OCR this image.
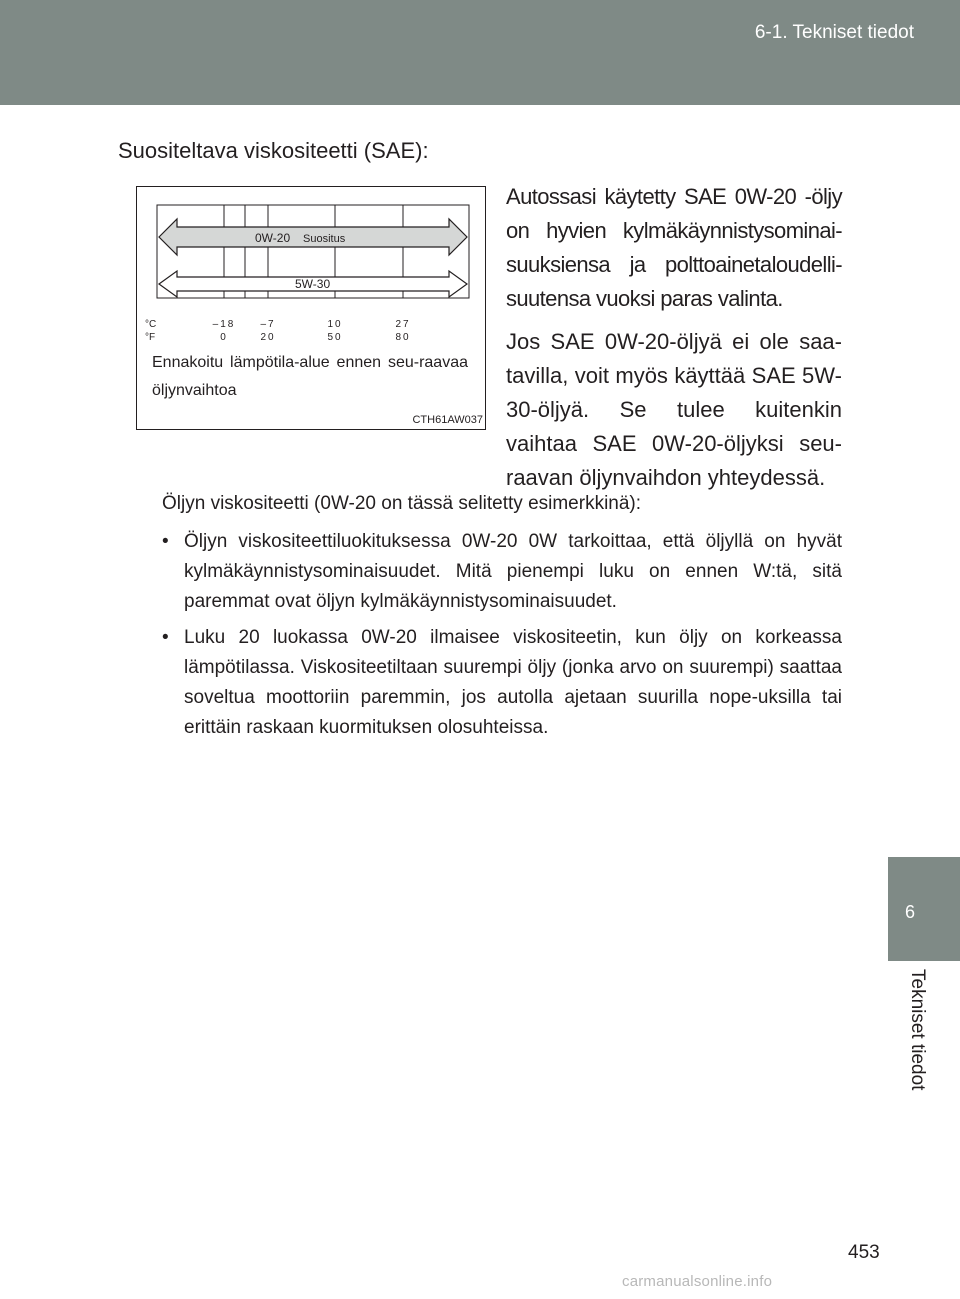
6-1. Tekniset tiedot
6
Tekniset tiedot
Suositeltava viskositeetti (SAE):
0W-20 Suositus
5W-30
°C
°F
–18	–7	10	27
0	20	50	80
Ennakoitu lämpötila-alue ennen seu-raavaa öljynvaihtoa
CTH61AW037

Autossasi käytetty SAE 0W-20 -öljy on hyvien kylmäkäynnistysominai-suuksiensa ja polttoainetaloudelli-suutensa vuoksi paras valinta.

Jos SAE 0W-20-öljyä ei ole saa-tavilla, voit myös käyttää SAE 5W-30-öljyä. Se tulee kuitenkin vaihtaa SAE 0W-20-öljyksi seu-raavan öljynvaihdon yhteydessä.

Öljyn viskositeetti (0W-20 on tässä selitetty esimerkkinä):

• Öljyn viskositeettiluokituksessa 0W-20 0W tarkoittaa, että öljyllä on hyvät kylmäkäynnistysominaisuudet. Mitä pienempi luku on ennen W:tä, sitä paremmat ovat öljyn kylmäkäynnistysominaisuudet.
• Luku 20 luokassa 0W-20 ilmaisee viskositeetin, kun öljy on korkeassa lämpötilassa. Viskositeetiltaan suurempi öljy (jonka arvo on suurempi) saattaa soveltua moottoriin paremmin, jos autolla ajetaan suurilla nope-uksilla tai erittäin raskaan kuormituksen olosuhteissa.
453
carmanualsonline.info
